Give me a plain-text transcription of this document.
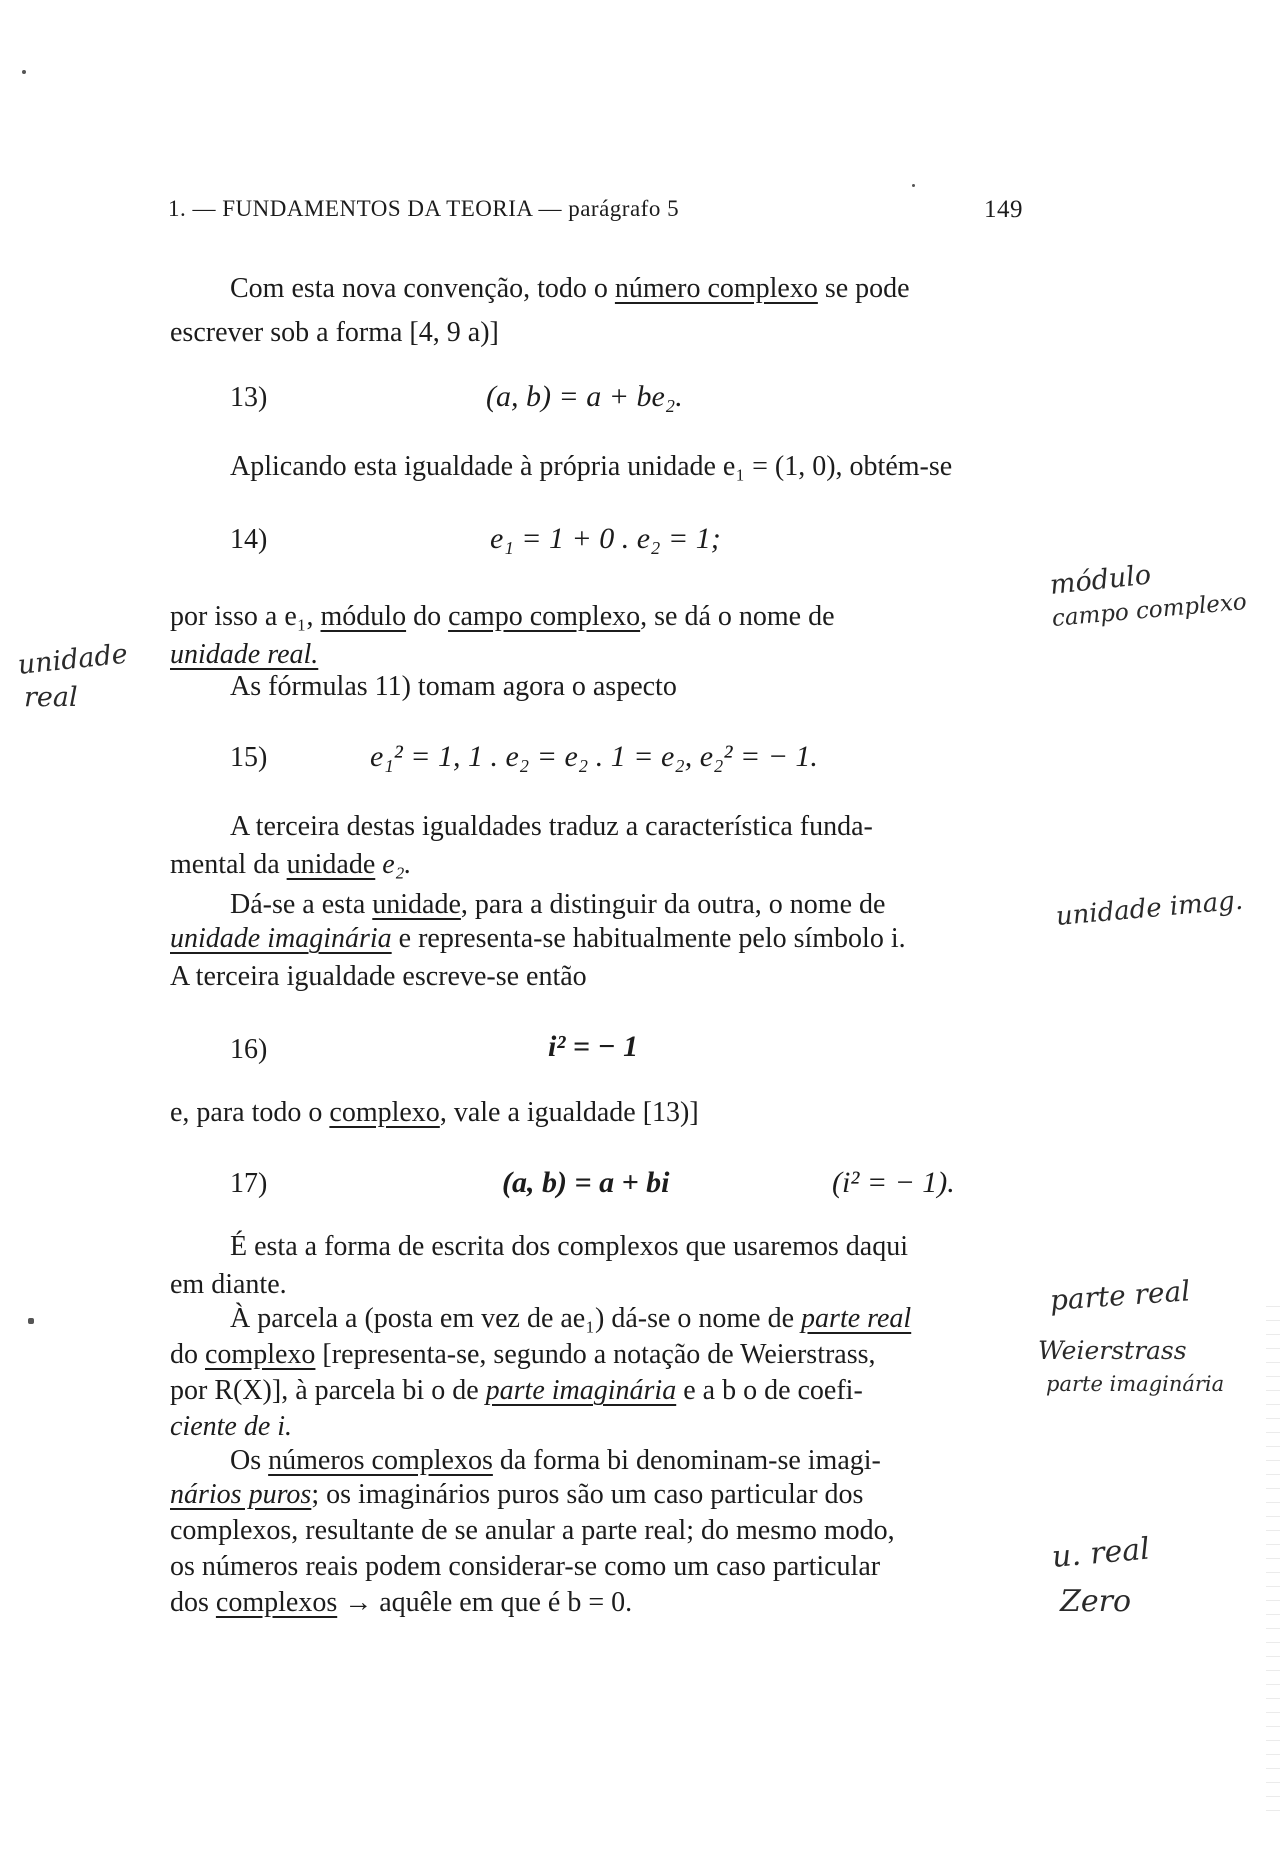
1. — FUNDAMENTOS DA TEORIA — parágrafo 5	149
Com esta nova convenção, todo o número complexo se pode
escrever sob a forma [4, 9 a)]
13)	(a, b) = a + be₂.
Aplicando esta igualdade à própria unidade e₁ = (1, 0), obtém-se
14)	e₁ = 1 + 0 . e₂ = 1;
por isso a e₁, módulo do campo complexo, se dá o nome de
unidade real.
As fórmulas 11) tomam agora o aspecto
15)	e₁² = 1, 1 . e₂ = e₂ . 1 = e₂, e₂² = − 1.
A terceira destas igualdades traduz a característica funda-
mental da unidade e₂.
Dá-se a esta unidade, para a distinguir da outra, o nome de
unidade imaginária e representa-se habitualmente pelo símbolo i.
A terceira igualdade escreve-se então
16)	i² = − 1
e, para todo o complexo, vale a igualdade [13)]
17)	(a, b) = a + bi	(i² = − 1).
É esta a forma de escrita dos complexos que usaremos daqui
em diante.
À parcela a (posta em vez de ae₁) dá-se o nome de parte real
do complexo [representa-se, segundo a notação de Weierstrass,
por R(X)], à parcela bi o de parte imaginária e a b o de coefi-
ciente de i.
Os números complexos da forma bi denominam-se imagi-
nários puros; os imaginários puros são um caso particular dos
complexos, resultante de se anular a parte real; do mesmo modo,
os números reais podem considerar-se como um caso particular
dos complexos → aquêle em que é b = 0.
unidade
real
módulo
campo complexo
unidade imag.
parte real
Weierstrass
parte imaginária
u. real
Zero
